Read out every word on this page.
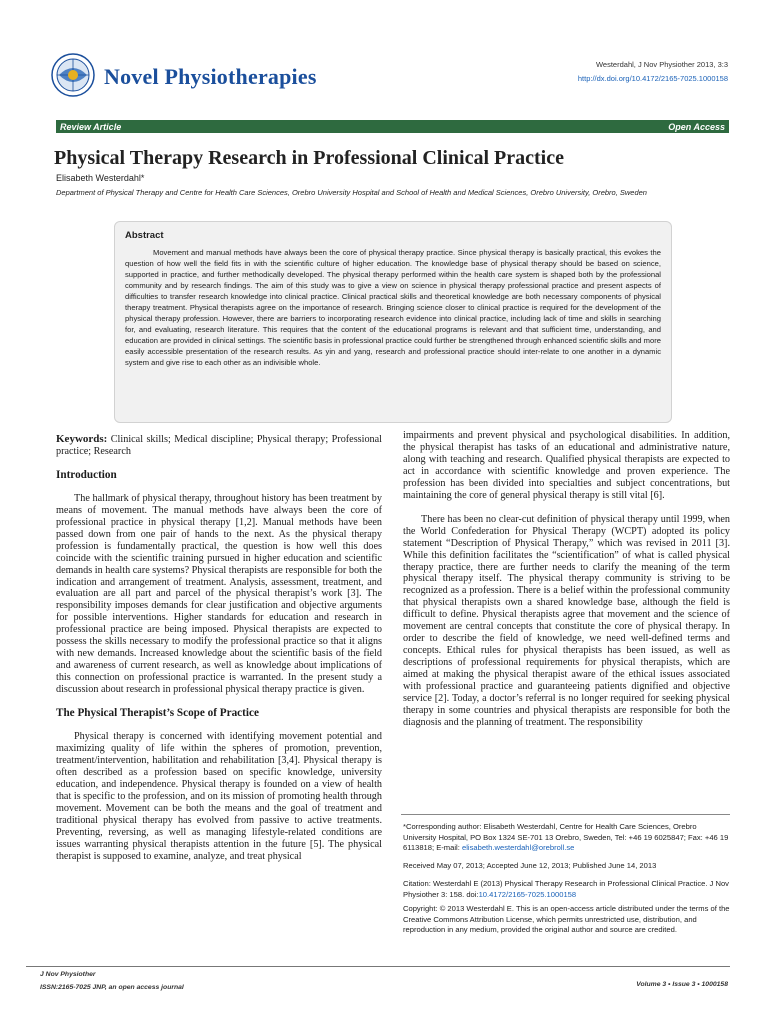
Novel Physiotherapies	Westerdahl, J Nov Physiother 2013, 3:3
http://dx.doi.org/10.4172/2165-7025.1000158
Review Article	Open Access
Physical Therapy Research in Professional Clinical Practice
Elisabeth Westerdahl*
Department of Physical Therapy and Centre for Health Care Sciences, Orebro University Hospital and School of Health and Medical Sciences, Orebro University, Orebro, Sweden
Abstract

Movement and manual methods have always been the core of physical therapy practice. Since physical therapy is basically practical, this evokes the question of how well the field fits in with the scientific culture of higher education. The knowledge base of physical therapy should be based on science, supported in practice, and further methodically developed. The physical therapy performed within the health care system is shaped both by the professional community and by research findings. The aim of this study was to give a view on science in physical therapy professional practice and present aspects of difficulties to transfer research knowledge into clinical practice. Clinical practical skills and theoretical knowledge are both necessary components of physical therapy treatment. Physical therapists agree on the importance of research. Bringing science closer to clinical practice is required for the development of the physical therapy profession. However, there are barriers to incorporating research evidence into clinical practice, including lack of time and skills in searching for, and evaluating, research literature. This requires that the content of the educational programs is relevant and that sufficient time, understanding, and education are provided in clinical settings. The scientific basis in professional practice could further be strengthened through enhanced scientific skills and more easily accessible presentation of the research results. As yin and yang, research and professional practice should inter-relate to one another in a dynamic system and give rise to each other as an indivisible whole.

Keywords: Clinical skills; Medical discipline; Physical therapy; Professional practice; Research

Introduction

The hallmark of physical therapy, throughout history has been treatment by means of movement. The manual methods have always been the core of professional practice in physical therapy [1,2]. Manual methods have been passed down from one pair of hands to the next. As the physical therapy profession is fundamentally practical, the question is how well this does coincide with the scientific training pursued in higher education and scientific demands in health care systems? Physical therapists are responsible for both the indication and arrangement of treatment. Analysis, assessment, treatment, and evaluation are all part and parcel of the physical therapist’s work [3]. The responsibility imposes demands for clear justification and objective arguments for possible interventions. Higher standards for education and research in professional practice are being imposed. Physical therapists are expected to possess the skills necessary to modify the professional practice so that it aligns with new demands. Increased knowledge about the scientific basis of the field and awareness of current research, as well as knowledge about implications of this connection on professional practice is warranted. In the present study a discussion about research in professional physical therapy practice is given.

The Physical Therapist’s Scope of Practice

Physical therapy is concerned with identifying movement potential and maximizing quality of life within the spheres of promotion, prevention, treatment/intervention, habilitation and rehabilitation [3,4]. Physical therapy is often described as a profession based on specific knowledge, university education, and independence. Physical therapy is founded on a view of health that is specific to the profession, and on its mission of promoting health through movement. Movement can be both the means and the goal of treatment and traditional physical therapy has evolved from passive to active treatments. Preventing, reversing, as well as managing lifestyle-related conditions are issues warranting physical therapists attention in the future [5]. The physical therapist is supposed to examine, analyze, and treat physical

impairments and prevent physical and psychological disabilities. In addition, the physical therapist has tasks of an educational and administrative nature, along with teaching and research. Qualified physical therapists are expected to act in accordance with scientific knowledge and proven experience. The profession has been divided into specialties and subject concentrations, but maintaining the core of general physical therapy is still vital [6].

There has been no clear-cut definition of physical therapy until 1999, when the World Confederation for Physical Therapy (WCPT) adopted its policy statement “Description of Physical Therapy,” which was revised in 2011 [3]. While this definition facilitates the “scientification” of what is called physical therapy practice, there are further needs to clarify the meaning of the term physical therapy itself. The physical therapy community is striving to be recognized as a profession. There is a belief within the professional community that physical therapists own a shared knowledge base, although the field is difficult to define. Physical therapists agree that movement and the science of movement are central concepts that constitute the core of physical therapy. In order to describe the field of knowledge, we need well-defined terms and concepts. Ethical rules for physical therapists has been issued, as well as descriptions of professional requirements for physical therapists, which are aimed at making the physical therapist aware of the ethical issues associated with professional practice and guaranteeing patients dignified and objective service [2]. Today, a doctor’s referral is no longer required for seeking physical therapy in some countries and physical therapists are responsible for both the diagnosis and the planning of treatment. The responsibility

*Corresponding author: Elisabeth Westerdahl, Centre for Health Care Sciences, Orebro University Hospital, PO Box 1324 SE-701 13 Orebro, Sweden, Tel: +46 19 6025847; Fax: +46 19 6113818; E-mail: elisabeth.westerdahl@orebroll.se
Received May 07, 2013; Accepted June 12, 2013; Published June 14, 2013
Citation: Westerdahl E (2013) Physical Therapy Research in Professional Clinical Practice. J Nov Physiother 3: 158. doi:10.4172/2165-7025.1000158
Copyright: © 2013 Westerdahl E. This is an open-access article distributed under the terms of the Creative Commons Attribution License, which permits unrestricted use, distribution, and reproduction in any medium, provided the original author and source are credited.
J Nov Physiother
ISSN:2165-7025 JNP, an open access journal	Volume 3 • Issue 3 • 1000158
